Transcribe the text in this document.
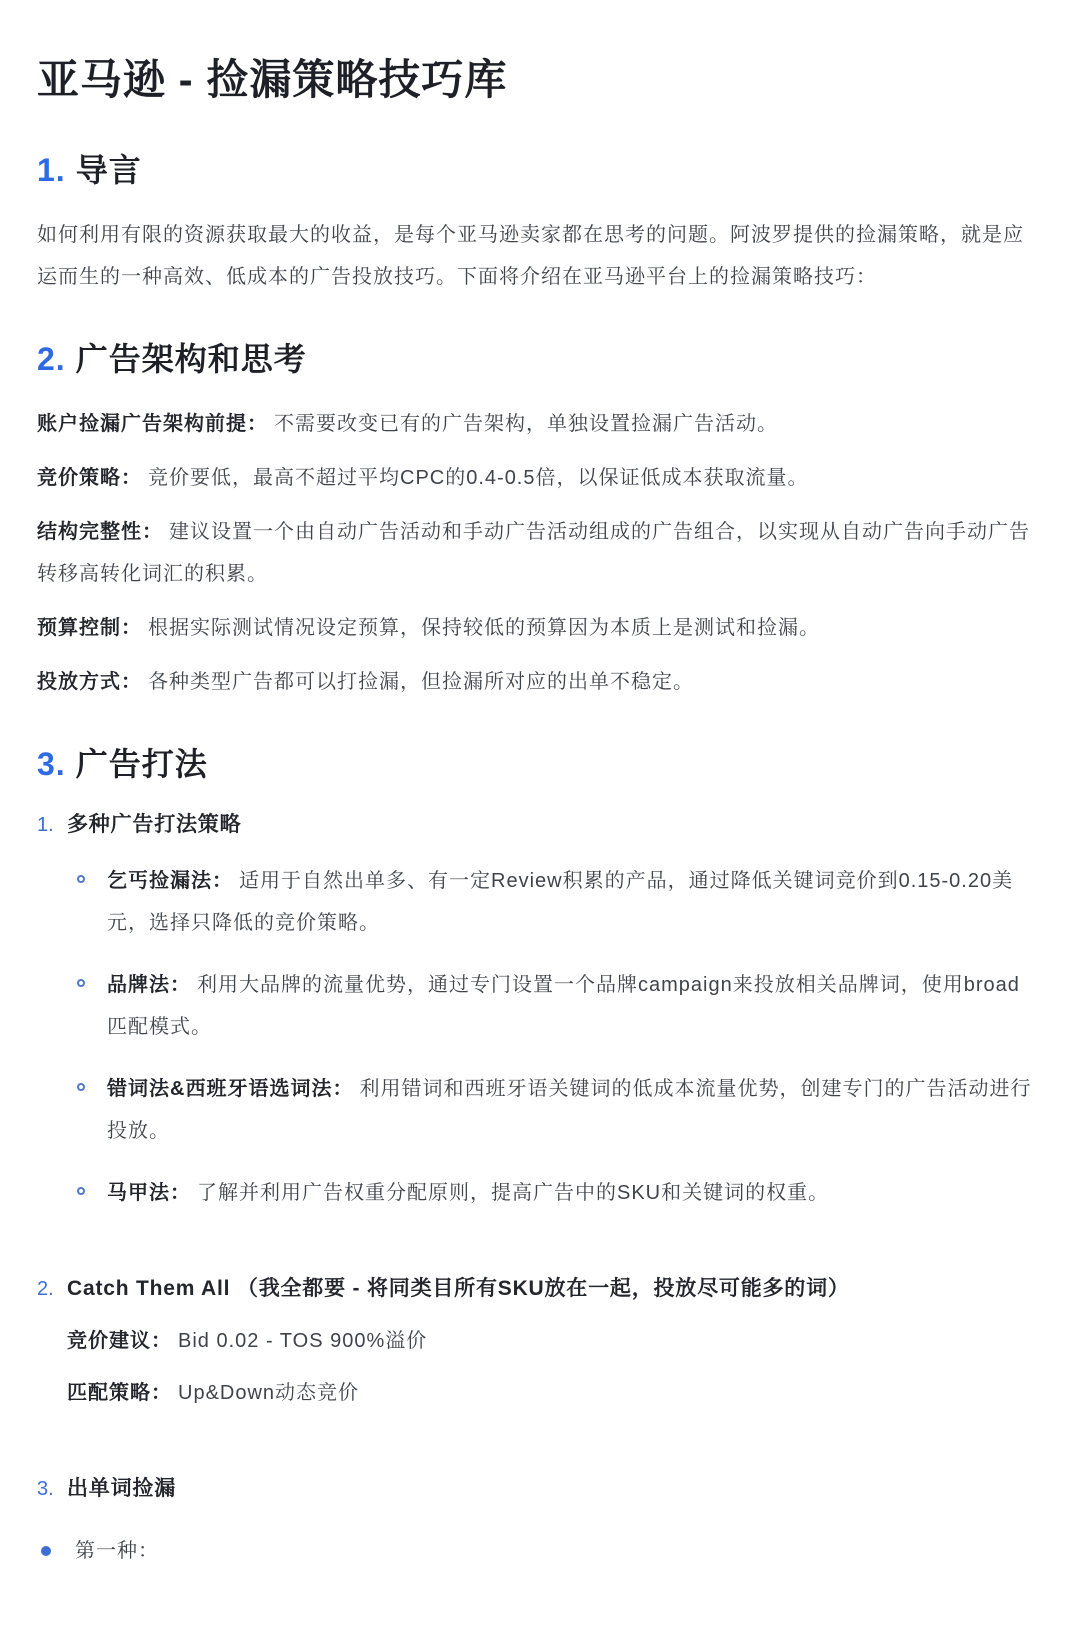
亚马逊 - 捡漏策略技巧库
1. 导言

如何利用有限的资源获取最大的收益，是每个亚马逊卖家都在思考的问题。阿波罗提供的捡漏策略，就是应运而生的一种高效、低成本的广告投放技巧。下面将介绍在亚马逊平台上的捡漏策略技巧：

2. 广告架构和思考

账户捡漏广告架构前提： 不需要改变已有的广告架构，单独设置捡漏广告活动。

竞价策略： 竞价要低，最高不超过平均CPC的0.4-0.5倍，以保证低成本获取流量。

结构完整性： 建议设置一个由自动广告活动和手动广告活动组成的广告组合，以实现从自动广告向手动广告转移高转化词汇的积累。

预算控制： 根据实际测试情况设定预算，保持较低的预算因为本质上是测试和捡漏。

投放方式： 各种类型广告都可以打捡漏，但捡漏所对应的出单不稳定。

3. 广告打法
1. 多种广告打法策略

乞丐捡漏法： 适用于自然出单多、有一定Review积累的产品，通过降低关键词竞价到0.15-0.20美元，选择只降低的竞价策略。

品牌法： 利用大品牌的流量优势，通过专门设置一个品牌campaign来投放相关品牌词，使用broad匹配模式。

错词法&西班牙语选词法： 利用错词和西班牙语关键词的低成本流量优势，创建专门的广告活动进行投放。

马甲法： 了解并利用广告权重分配原则，提高广告中的SKU和关键词的权重。

2. Catch Them All （我全都要 - 将同类目所有SKU放在一起，投放尽可能多的词）

竞价建议： Bid 0.02 - TOS 900%溢价

匹配策略： Up&Down动态竞价

3. 出单词捡漏

第一种：
